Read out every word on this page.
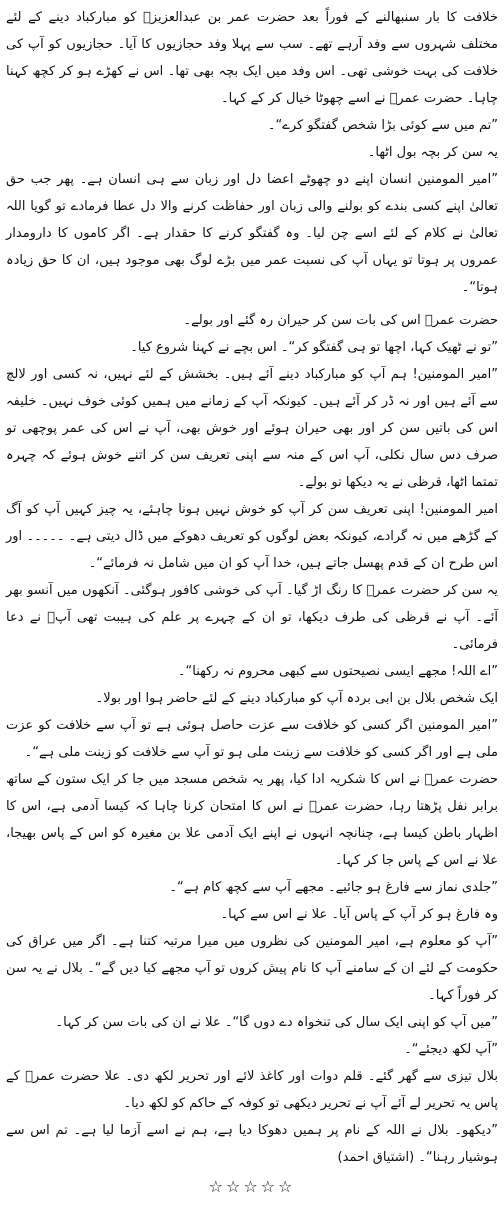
خلافت کا بار سنبھالنے کے فوراً بعد حضرت عمر بن عبدالعزیزؒ کو مبارکباد دینے کے لئے مختلف شہروں سے وفد آرہے تھے۔ سب سے پہلا وفد حجازیوں کا آیا۔ حجازیوں کو آپ کی خلافت کی بہت خوشی تھی۔ اس وفد میں ایک بچہ بھی تھا۔ اس نے کھڑے ہو کر کچھ کہنا چاہا۔ حضرت عمرؒ نے اسے چھوٹا خیال کر کے کہا۔

”تم میں سے کوئی بڑا شخص گفتگو کرے“۔

یہ سن کر بچہ بول اٹھا۔

”امیر المومنین انسان اپنے دو چھوٹے اعضا دل اور زبان سے ہی انسان ہے۔ پھر جب حق تعالیٰ اپنے کسی بندے کو بولنے والی زبان اور حفاظت کرنے والا دل عطا فرمادے تو گویا اللہ تعالیٰ نے کلام کے لئے اسے چن لیا۔ وہ گفتگو کرنے کا حقدار ہے۔ اگر کاموں کا دارومدار عمروں پر ہوتا تو یہاں آپ کی نسبت عمر میں بڑے لوگ بھی موجود ہیں، ان کا حق زیادہ ہوتا“۔

حضرت عمرؒ اس کی بات سن کر حیران رہ گئے اور بولے۔

”تو نے ٹھیک کہا، اچھا تو ہی گفتگو کر“۔ اس بچے نے کہنا شروع کیا۔

”امیر المومنین! ہم آپ کو مبارکباد دینے آئے ہیں۔ بخشش کے لئے نہیں، نہ کسی اور لالچ سے آئے ہیں اور نہ ڈر کر آئے ہیں۔ کیونکہ آپ کے زمانے میں ہمیں کوئی خوف نہیں۔ خلیفہ اس کی باتیں سن کر اور بھی حیران ہوئے اور خوش بھی، آپ نے اس کی عمر پوچھی تو صرف دس سال نکلی، آپ اس کے منہ سے اپنی تعریف سن کر اتنے خوش ہوئے کہ چہرہ تمتما اٹھا، قرظی نے یہ دیکھا تو بولے۔

امیر المومنین! اپنی تعریف سن کر آپ کو خوش نہیں ہونا چاہئے، یہ چیز کہیں آپ کو آگ کے گڑھے میں نہ گرادے، کیونکہ بعض لوگوں کو تعریف دھوکے میں ڈال دیتی ہے۔ ۔۔۔۔۔ اور اس طرح ان کے قدم پھسل جاتے ہیں، خدا آپ کو ان میں شامل نہ فرمائے“۔

یہ سن کر حضرت عمرؒ کا رنگ اڑ گیا۔ آپ کی خوشی کافور ہوگئی۔ آنکھوں میں آنسو بھر آئے۔ آپ نے قرظی کی طرف دیکھا، تو ان کے چہرے پر علم کی ہیبت تھی آپؒ نے دعا فرمائی۔

”اے اللہ! مجھے ایسی نصیحتوں سے کبھی محروم نہ رکھنا“۔

ایک شخص بلال بن ابی بردہ آپ کو مبارکباد دینے کے لئے حاضر ہوا اور بولا۔

”امیر المومنین اگر کسی کو خلافت سے عزت حاصل ہوئی ہے تو آپ سے خلافت کو عزت ملی ہے اور اگر کسی کو خلافت سے زینت ملی ہو تو آپ سے خلافت کو زینت ملی ہے“۔

حضرت عمرؒ نے اس کا شکریہ ادا کیا، پھر یہ شخص مسجد میں جا کر ایک ستون کے ساتھ برابر نفل پڑھتا رہا، حضرت عمرؒ نے اس کا امتحان کرنا چاہا کہ کیسا آدمی ہے، اس کا اظہار باطن کیسا ہے، چنانچہ انہوں نے اپنے ایک آدمی علا بن مغیرہ کو اس کے پاس بھیجا، علا نے اس کے پاس جا کر کہا۔

”جلدی نماز سے فارغ ہو جائیے۔ مجھے آپ سے کچھ کام ہے“۔

وہ فارغ ہو کر آپ کے پاس آیا۔ علا نے اس سے کہا۔

”آپ کو معلوم ہے، امیر المومنین کی نظروں میں میرا مرتبہ کتنا ہے۔ اگر میں عراق کی حکومت کے لئے ان کے سامنے آپ کا نام پیش کروں تو آپ مجھے کیا دیں گے“۔ بلال نے یہ سن کر فوراً کہا۔

”میں آپ کو اپنی ایک سال کی تنخواہ دے دوں گا“۔ علا نے ان کی بات سن کر کہا۔

”آپ لکھ دیجئے“۔

بلال تیزی سے گھر گئے۔ قلم دوات اور کاغذ لائے اور تحریر لکھ دی۔ علا حضرت عمرؒ کے پاس یہ تحریر لے آئے آپ نے تحریر دیکھی تو کوفہ کے حاکم کو لکھ دیا۔

”دیکھو۔ بلال نے اللہ کے نام پر ہمیں دھوکا دیا ہے، ہم نے اسے آزما لیا ہے۔ تم اس سے ہوشیار رہنا“۔ (اشتیاق احمد)

☆☆☆☆☆
